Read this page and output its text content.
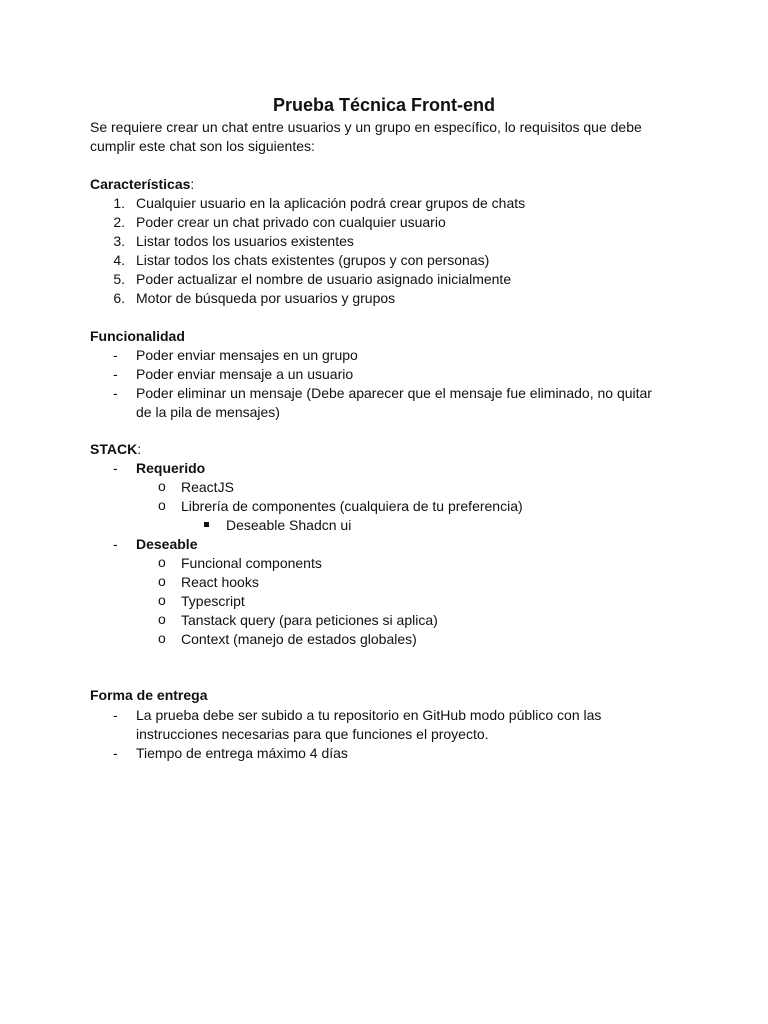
Prueba Técnica Front-end
Se requiere crear un chat entre usuarios y un grupo en específico, lo requisitos que debe
cumplir este chat son los siguientes:
Características:
1. Cualquier usuario en la aplicación podrá crear grupos de chats
2. Poder crear un chat privado con cualquier usuario
3. Listar todos los usuarios existentes
4. Listar todos los chats existentes (grupos y con personas)
5. Poder actualizar el nombre de usuario asignado inicialmente
6. Motor de búsqueda por usuarios y grupos
Funcionalidad
- Poder enviar mensajes en un grupo
- Poder enviar mensaje a un usuario
- Poder eliminar un mensaje (Debe aparecer que el mensaje fue eliminado, no quitar
de la pila de mensajes)
STACK:
- Requerido
o ReactJS
o Librería de componentes (cualquiera de tu preferencia)
Deseable Shadcn ui
- Deseable
o Funcional components
o React hooks
o Typescript
o Tanstack query (para peticiones si aplica)
o Context (manejo de estados globales)
Forma de entrega
- La prueba debe ser subido a tu repositorio en GitHub modo público con las
instrucciones necesarias para que funciones el proyecto.
- Tiempo de entrega máximo 4 días
